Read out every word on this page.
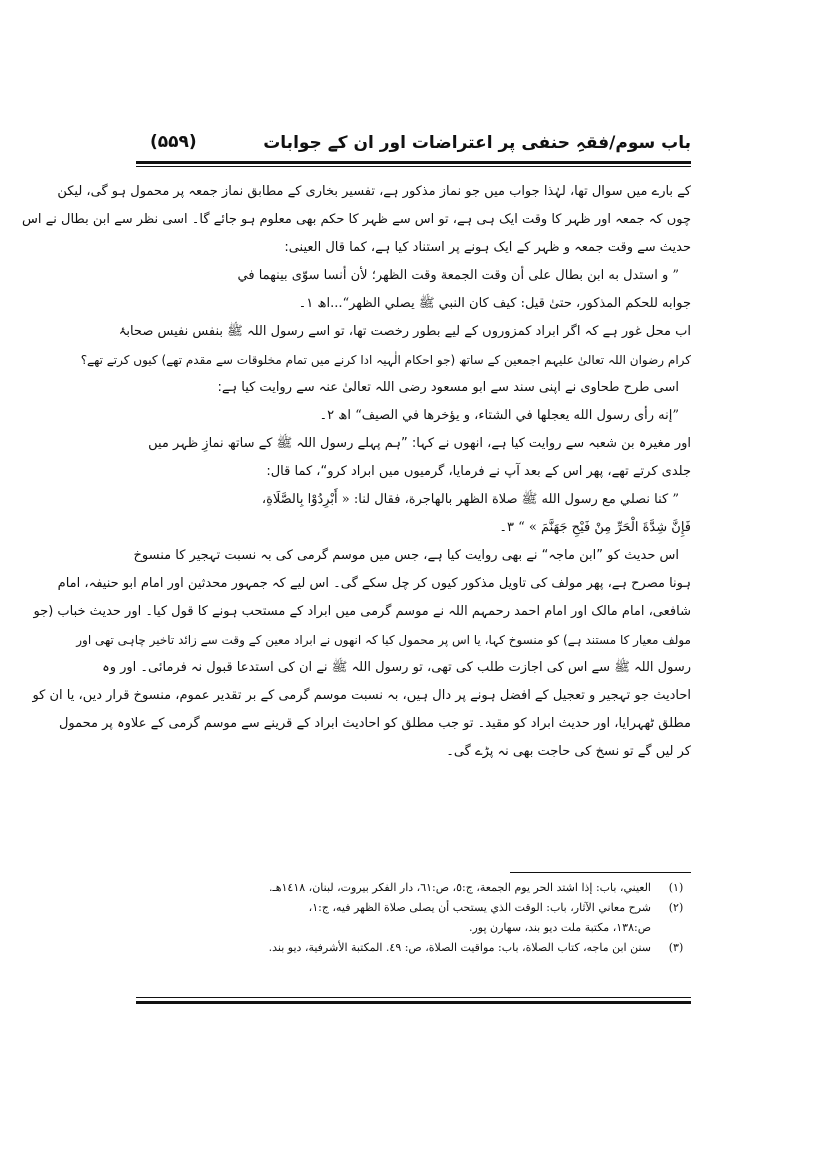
باب سوم/فقہِ حنفی پر اعتراضات اور ان کے جوابات
(۵۵۹)
کے بارے میں سوال تھا، لہٰذا جواب میں جو نماز مذکور ہے، تفسیر بخاری کے مطابق نماز جمعہ پر محمول ہو گی، لیکن
چوں کہ جمعہ اور ظہر کا وقت ایک ہی ہے، تو اس سے ظہر کا حکم بھی معلوم ہو جائے گا۔ اسی نظر سے ابن بطال نے اس
حدیث سے وقت جمعہ و ظہر کے ایک ہونے پر استناد کیا ہے، کما قال العینی:
” و استدل به ابن بطال على أن وقت الجمعة وقت الظهر؛ لأن أنسا سوّى بينهما في
جوابه للحكم المذكور، حتىٰ قيل: كيف كان النبي ﷺ يصلي الظهر“...اھ ۱۔
اب محل غور ہے کہ اگر ابراد کمزوروں کے لیے بطور رخصت تھا، تو اسے رسول اللہ ﷺ بنفس نفیس صحابۂ
کرام رضوان اللہ تعالیٰ علیہم اجمعین کے ساتھ (جو احکام الٰہیہ ادا کرنے میں تمام مخلوقات سے مقدم تھے) کیوں کرتے تھے؟
اسی طرح طحاوی نے اپنی سند سے ابو مسعود رضی اللہ تعالیٰ عنہ سے روایت کیا ہے:
”إنه رأى رسول الله يعجلها في الشتاء، و يؤخرها في الصيف“ اھ ۲۔
اور مغیرہ بن شعبہ سے روایت کیا ہے، انھوں نے کہا: ”ہم پہلے رسول اللہ ﷺ کے ساتھ نمازِ ظہر میں
جلدی کرتے تھے، پھر اس کے بعد آپ نے فرمایا، گرمیوں میں ابراد کرو“، کما قال:
” كنا نصلي مع رسول الله ﷺ صلاة الظهر بالهاجرة، فقال لنا: « أَبْرِدُوْا بِالصَّلَاةِ،
فَإِنَّ شِدَّةَ الْحَرِّ مِنْ فَيْحِ جَهَنَّمَ » “ ۳۔
اس حدیث کو ”ابن ماجہ“ نے بھی روایت کیا ہے، جس میں موسم گرمی کی بہ نسبت تہجیر کا منسوخ
ہونا مصرح ہے، پھر مولف کی تاویل مذکور کیوں کر چل سکے گی۔ اس لیے کہ جمہور محدثین اور امام ابو حنیفہ، امام
شافعی، امام مالک اور امام احمد رحمہم اللہ نے موسم گرمی میں ابراد کے مستحب ہونے کا قول کیا۔ اور حدیث خباب (جو
مولف معیار کا مستند ہے) کو منسوخ کہا، یا اس پر محمول کیا کہ انھوں نے ابراد معین کے وقت سے زائد تاخیر چاہی تھی اور
رسول اللہ ﷺ سے اس کی اجازت طلب کی تھی، تو رسول اللہ ﷺ نے ان کی استدعا قبول نہ فرمائی۔ اور وہ
احادیث جو تہجیر و تعجیل کے افضل ہونے پر دال ہیں، بہ نسبت موسم گرمی کے بر تقدیر عموم، منسوخ قرار دیں، یا ان کو
مطلق ٹھہرایا، اور حدیث ابراد کو مقید۔ تو جب مطلق کو احادیث ابراد کے قرینے سے موسم گرمی کے علاوہ پر محمول
کر لیں گے تو نسخ کی حاجت بھی نہ پڑے گی۔
(۱)
العيني، باب: إذا اشتد الحر يوم الجمعة، ج:٥، ص:٦١، دار الفكر بيروت، لبنان، ١٤١٨هـ.
(۲)
شرح معاني الآثار، باب: الوقت الذي يستحب أن يصلى صلاة الظهر فيه، ج:١،
ص:١٣٨، مكتبة ملت ديو بند، سهارن پور.
(۳)
سنن ابن ماجه، كتاب الصلاة، باب: مواقيت الصلاة، ص: ٤٩. المكتبة الأشرفية، ديو بند.
